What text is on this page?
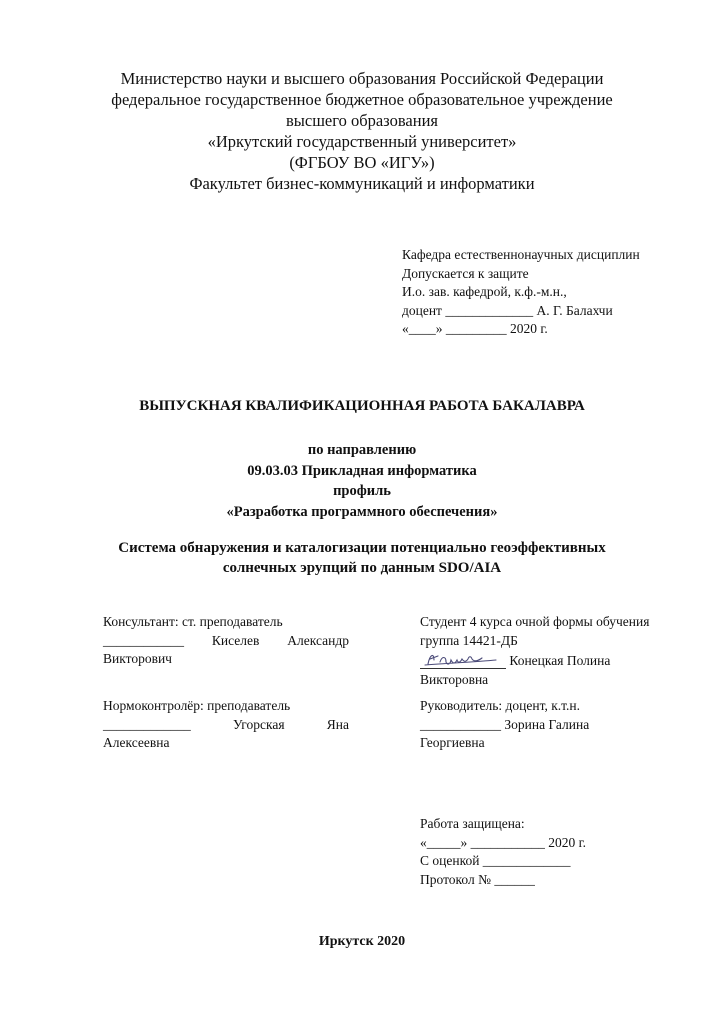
Министерство науки и высшего образования Российской Федерации
федеральное государственное бюджетное образовательное учреждение
высшего образования
«Иркутский государственный университет»
(ФГБОУ ВО «ИГУ»)
Факультет бизнес-коммуникаций и информатики
Кафедра естественнонаучных дисциплин
Допускается к защите
И.о. зав. кафедрой, к.ф.-м.н.,
доцент _____________ А. Г. Балахчи
«____» _________ 2020 г.
ВЫПУСКНАЯ КВАЛИФИКАЦИОННАЯ РАБОТА БАКАЛАВРА
по направлению
09.03.03 Прикладная информатика
профиль
«Разработка программного обеспечения»
Система обнаружения и каталогизации потенциально геоэффективных
солнечных эрупций по данным SDO/AIA
Консультант: ст. преподаватель
____________ Киселев Александр
Викторович
Студент 4 курса очной формы обучения
группа 14421-ДБ
Конецкая Полина
Викторовна
Нормоконтролёр: преподаватель
_____________	Угорская	Яна
Алексеевна
Руководитель: доцент, к.т.н.
____________ Зорина Галина
Георгиевна
Работа защищена:
«_____» ___________ 2020 г.
С оценкой _____________
Протокол № ______
Иркутск 2020
